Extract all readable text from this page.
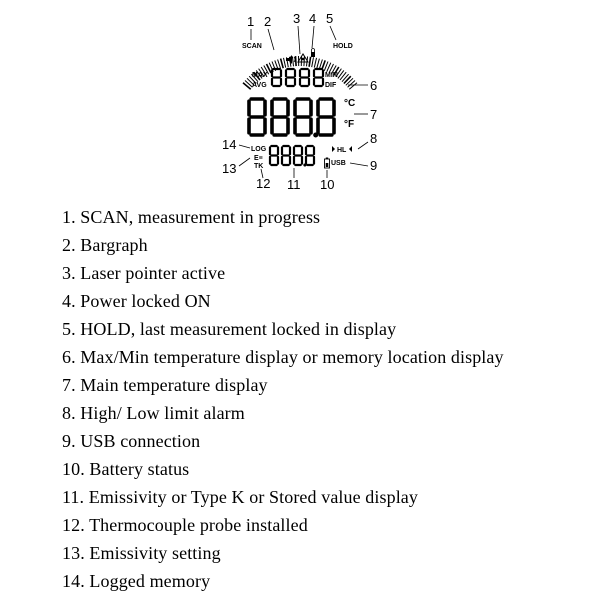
1 2 3 4 5
6
7
8
9
10
11
12
13
14
SCAN	HOLD
MAX
AVG
MIN
DIF
°C
°F
LOG
Ε≡
TK
HL
USB
1. SCAN, measurement in progress
2. Bargraph
3. Laser pointer active
4. Power locked ON
5. HOLD, last measurement locked in display
6. Max/Min temperature display or memory location display
7. Main temperature display
8. High/ Low limit alarm
9. USB connection
10. Battery status
11. Emissivity or Type K or Stored value display
12. Thermocouple probe installed
13. Emissivity setting
14. Logged memory
